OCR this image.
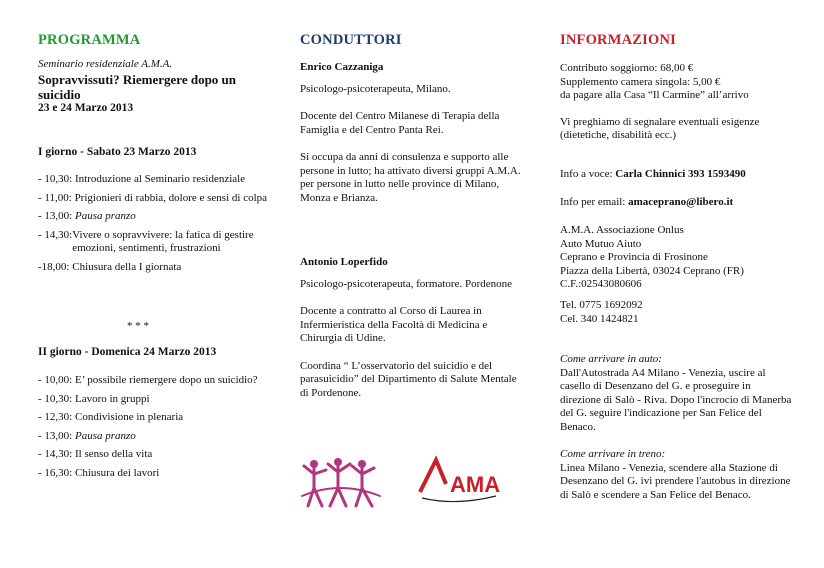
PROGRAMMA

Seminario residenziale A.M.A.

Sopravvissuti? Riemergere dopo un suicidio

23 e 24 Marzo 2013

I giorno - Sabato 23 Marzo 2013
- 10,30: Introduzione al Seminario residenziale
- 11,00: Prigionieri di rabbia, dolore e sensi di colpa
- 13,00: Pausa pranzo
- 14,30: Vivere o sopravvivere: la fatica di gestire emozioni, sentimenti, frustrazioni
-18,00: Chiusura della I giornata
* * *
II giorno - Domenica 24 Marzo 2013
- 10,00: E’ possibile riemergere dopo un suicidio?
- 10,30: Lavoro in gruppi
- 12,30: Condivisione in plenaria
- 13,00: Pausa pranzo
- 14,30: Il senso della vita
- 16,30: Chiusura dei lavori
CONDUTTORI

Enrico Cazzaniga

Psicologo-psicoterapeuta, Milano.

Docente del Centro Milanese di Terapia della Famiglia e del Centro Panta Rei.

Si occupa da anni di consulenza e supporto alle persone in lutto; ha attivato diversi gruppi A.M.A. per persone in lutto nelle province di Milano, Monza e Brianza.

Antonio Loperfido

Psicologo-psicoterapeuta, formatore. Pordenone

Docente a contratto al Corso di Laurea in Infermieristica della Facoltà di Medicina e Chirurgia di Udine.

Coordina “ L’osservatorio del suicidio e del parasuicidio” del Dipartimento di Salute Mentale di Pordenone.

AMA
INFORMAZIONI

Contributo soggiorno: 68,00 €

Supplemento camera singola: 5,00 €

da pagare alla Casa “Il Carmine” all’arrivo

Vi preghiamo di segnalare eventuali esigenze (dietetiche, disabilità ecc.)

Info a voce: Carla Chinnici 393 1593490

Info per email: amaceprano@libero.it

A.M.A. Associazione Onlus

Auto Mutuo Aiuto

Ceprano e Provincia di Frosinone

Piazza della Libertà, 03024 Ceprano (FR)

C.F.:02543080606

Tel. 0775 1692092

Cel. 340 1424821

Come arrivare in auto:

Dall'Autostrada A4 Milano - Venezia, uscire al casello di Desenzano del G. e proseguire in direzione di Salò - Riva. Dopo l'incrocio di Manerba del G. seguire l'indicazione per San Felice del Benaco.

Come arrivare in treno:

Linea Milano - Venezia, scendere alla Stazione di Desenzano del G. ivi prendere l'autobus in direzione di Salò e scendere a San Felice del Benaco.
